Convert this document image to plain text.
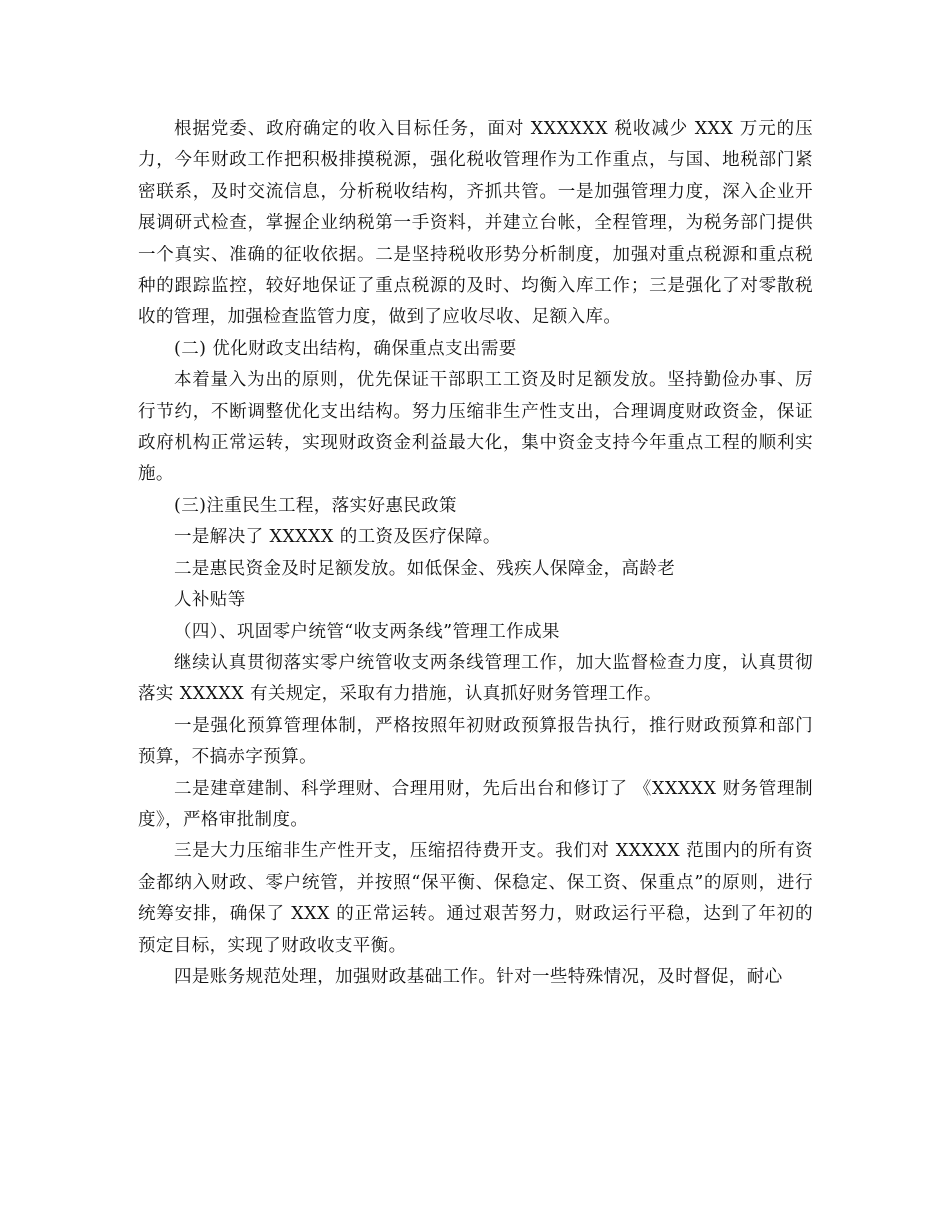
根据党委、政府确定的收入目标任务，面对 XXXXXX 税收减少 XXX 万元的压力，今年财政工作把积极排摸税源，强化税收管理作为工作重点，与国、地税部门紧密联系，及时交流信息，分析税收结构，齐抓共管。一是加强管理力度，深入企业开展调研式检查，掌握企业纳税第一手资料，并建立台帐，全程管理，为税务部门提供一个真实、准确的征收依据。二是坚持税收形势分析制度，加强对重点税源和重点税种的跟踪监控，较好地保证了重点税源的及时、均衡入库工作；三是强化了对零散税收的管理，加强检查监管力度，做到了应收尽收、足额入库。

(二) 优化财政支出结构，确保重点支出需要

本着量入为出的原则，优先保证干部职工工资及时足额发放。坚持勤俭办事、厉行节约，不断调整优化支出结构。努力压缩非生产性支出，合理调度财政资金，保证政府机构正常运转，实现财政资金利益最大化，集中资金支持今年重点工程的顺利实施。

(三)注重民生工程，落实好惠民政策

一是解决了 XXXXX 的工资及医疗保障。

二是惠民资金及时足额发放。如低保金、残疾人保障金，高龄老

人补贴等

（四）、巩固零户统管“收支两条线”管理工作成果

继续认真贯彻落实零户统管收支两条线管理工作，加大监督检查力度，认真贯彻落实 XXXXX 有关规定，采取有力措施，认真抓好财务管理工作。

一是强化预算管理体制，严格按照年初财政预算报告执行，推行财政预算和部门预算，不搞赤字预算。

二是建章建制、科学理财、合理用财，先后出台和修订了 《XXXXX 财务管理制度》，严格审批制度。

三是大力压缩非生产性开支，压缩招待费开支。我们对 XXXXX 范围内的所有资金都纳入财政、零户统管，并按照“保平衡、保稳定、保工资、保重点”的原则，进行统筹安排，确保了 XXX 的正常运转。通过艰苦努力，财政运行平稳，达到了年初的预定目标，实现了财政收支平衡。

四是账务规范处理，加强财政基础工作。针对一些特殊情况，及时督促，耐心
